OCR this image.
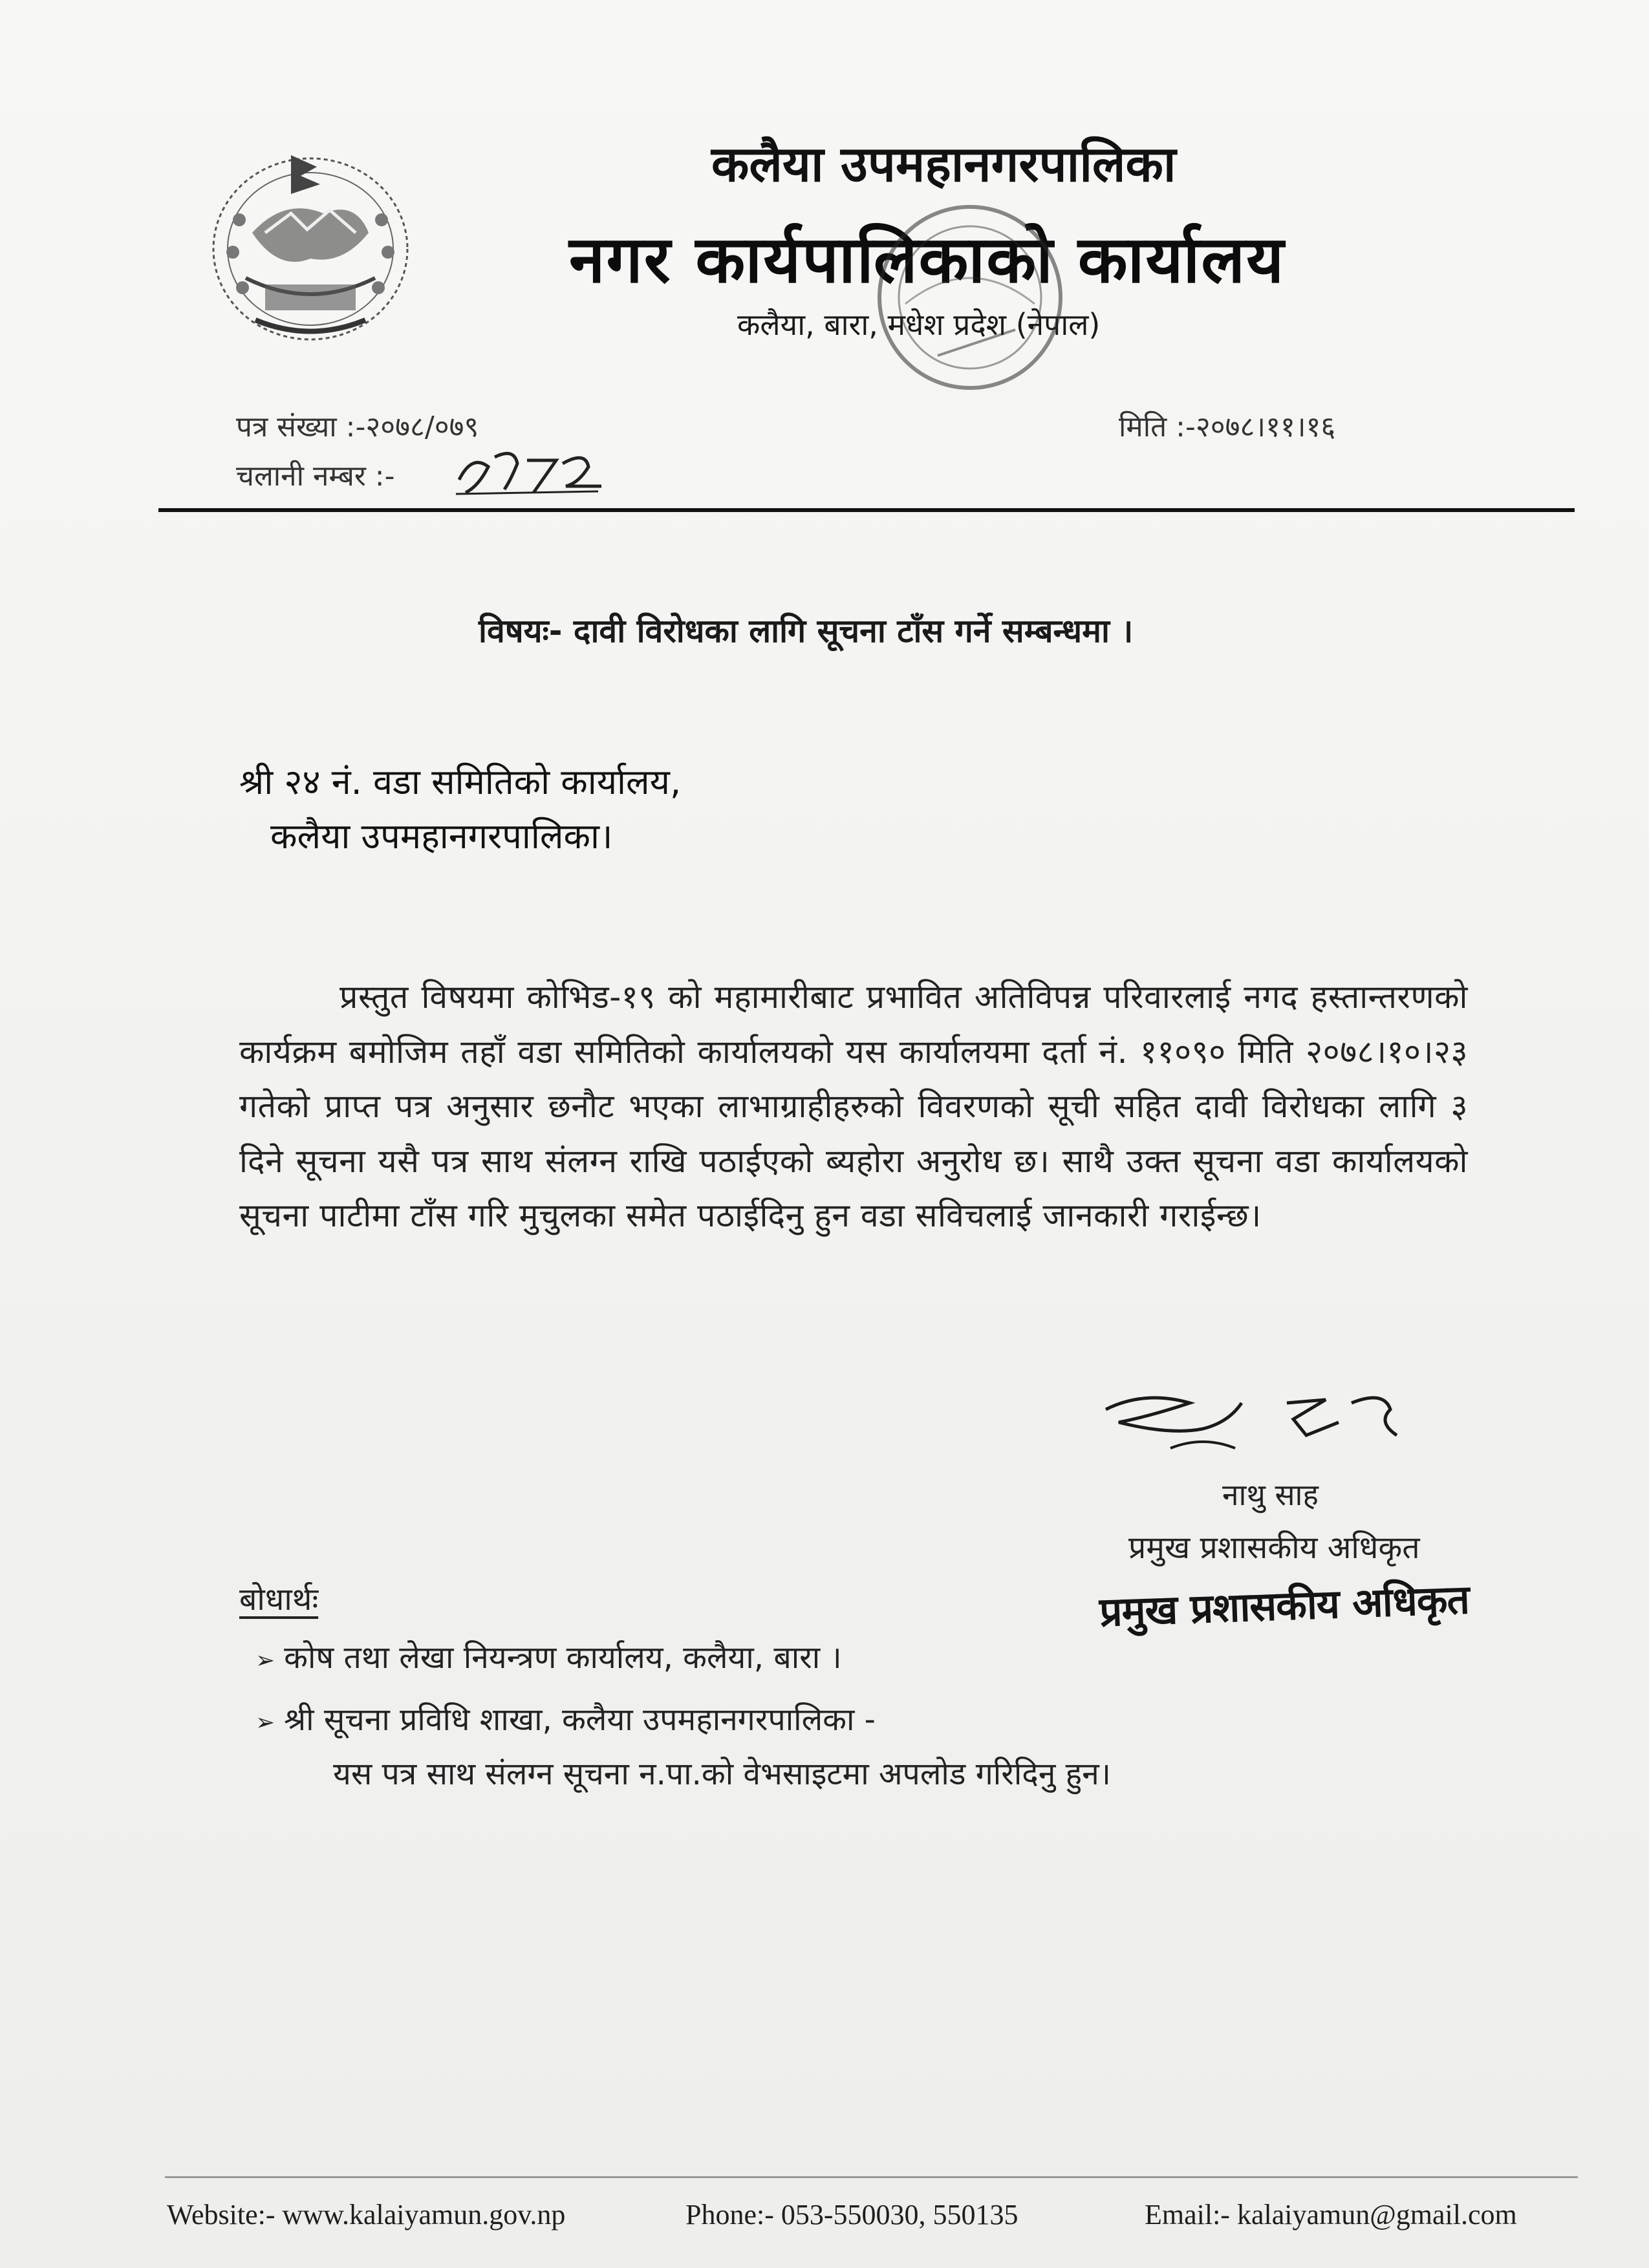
कलैया उपमहानगरपालिका
नगर कार्यपालिकाको कार्यालय
कलैया, बारा, मधेश प्रदेश (नेपाल)
पत्र संख्या :-२०७८/०७९
चलानी नम्बर :-
मिति :-२०७८।११।१६
विषयः- दावी विरोधका लागि सूचना टाँस गर्ने सम्बन्धमा ।
श्री २४ नं. वडा समितिको कार्यालय,
कलैया उपमहानगरपालिका।
प्रस्तुत विषयमा कोभिड-१९ को महामारीबाट प्रभावित अतिविपन्न परिवारलाई नगद हस्तान्तरणको कार्यक्रम बमोजिम तहाँ वडा समितिको कार्यालयको यस कार्यालयमा दर्ता नं. ११०९० मिति २०७८।१०।२३ गतेको प्राप्त पत्र अनुसार छनौट भएका लाभाग्राहीहरुको विवरणको सूची सहित दावी विरोधका लागि ३ दिने सूचना यसै पत्र साथ संलग्न राखि पठाईएको ब्यहोरा अनुरोध छ। साथै उक्त सूचना वडा कार्यालयको सूचना पाटीमा टाँस गरि मुचुलका समेत पठाईदिनु हुन वडा सविचलाई जानकारी गराईन्छ।
नाथु साह
प्रमुख प्रशासकीय अधिकृत
प्रमुख प्रशासकीय अधिकृत
बोधार्थः
➢ कोष तथा लेखा नियन्त्रण कार्यालय, कलैया, बारा ।
➢ श्री सूचना प्रविधि शाखा, कलैया उपमहानगरपालिका -
यस पत्र साथ संलग्न सूचना न.पा.को वेभसाइटमा अपलोड गरिदिनु हुन।
Website:- www.kalaiyamun.gov.np	Phone:- 053-550030, 550135	Email:- kalaiyamun@gmail.com
